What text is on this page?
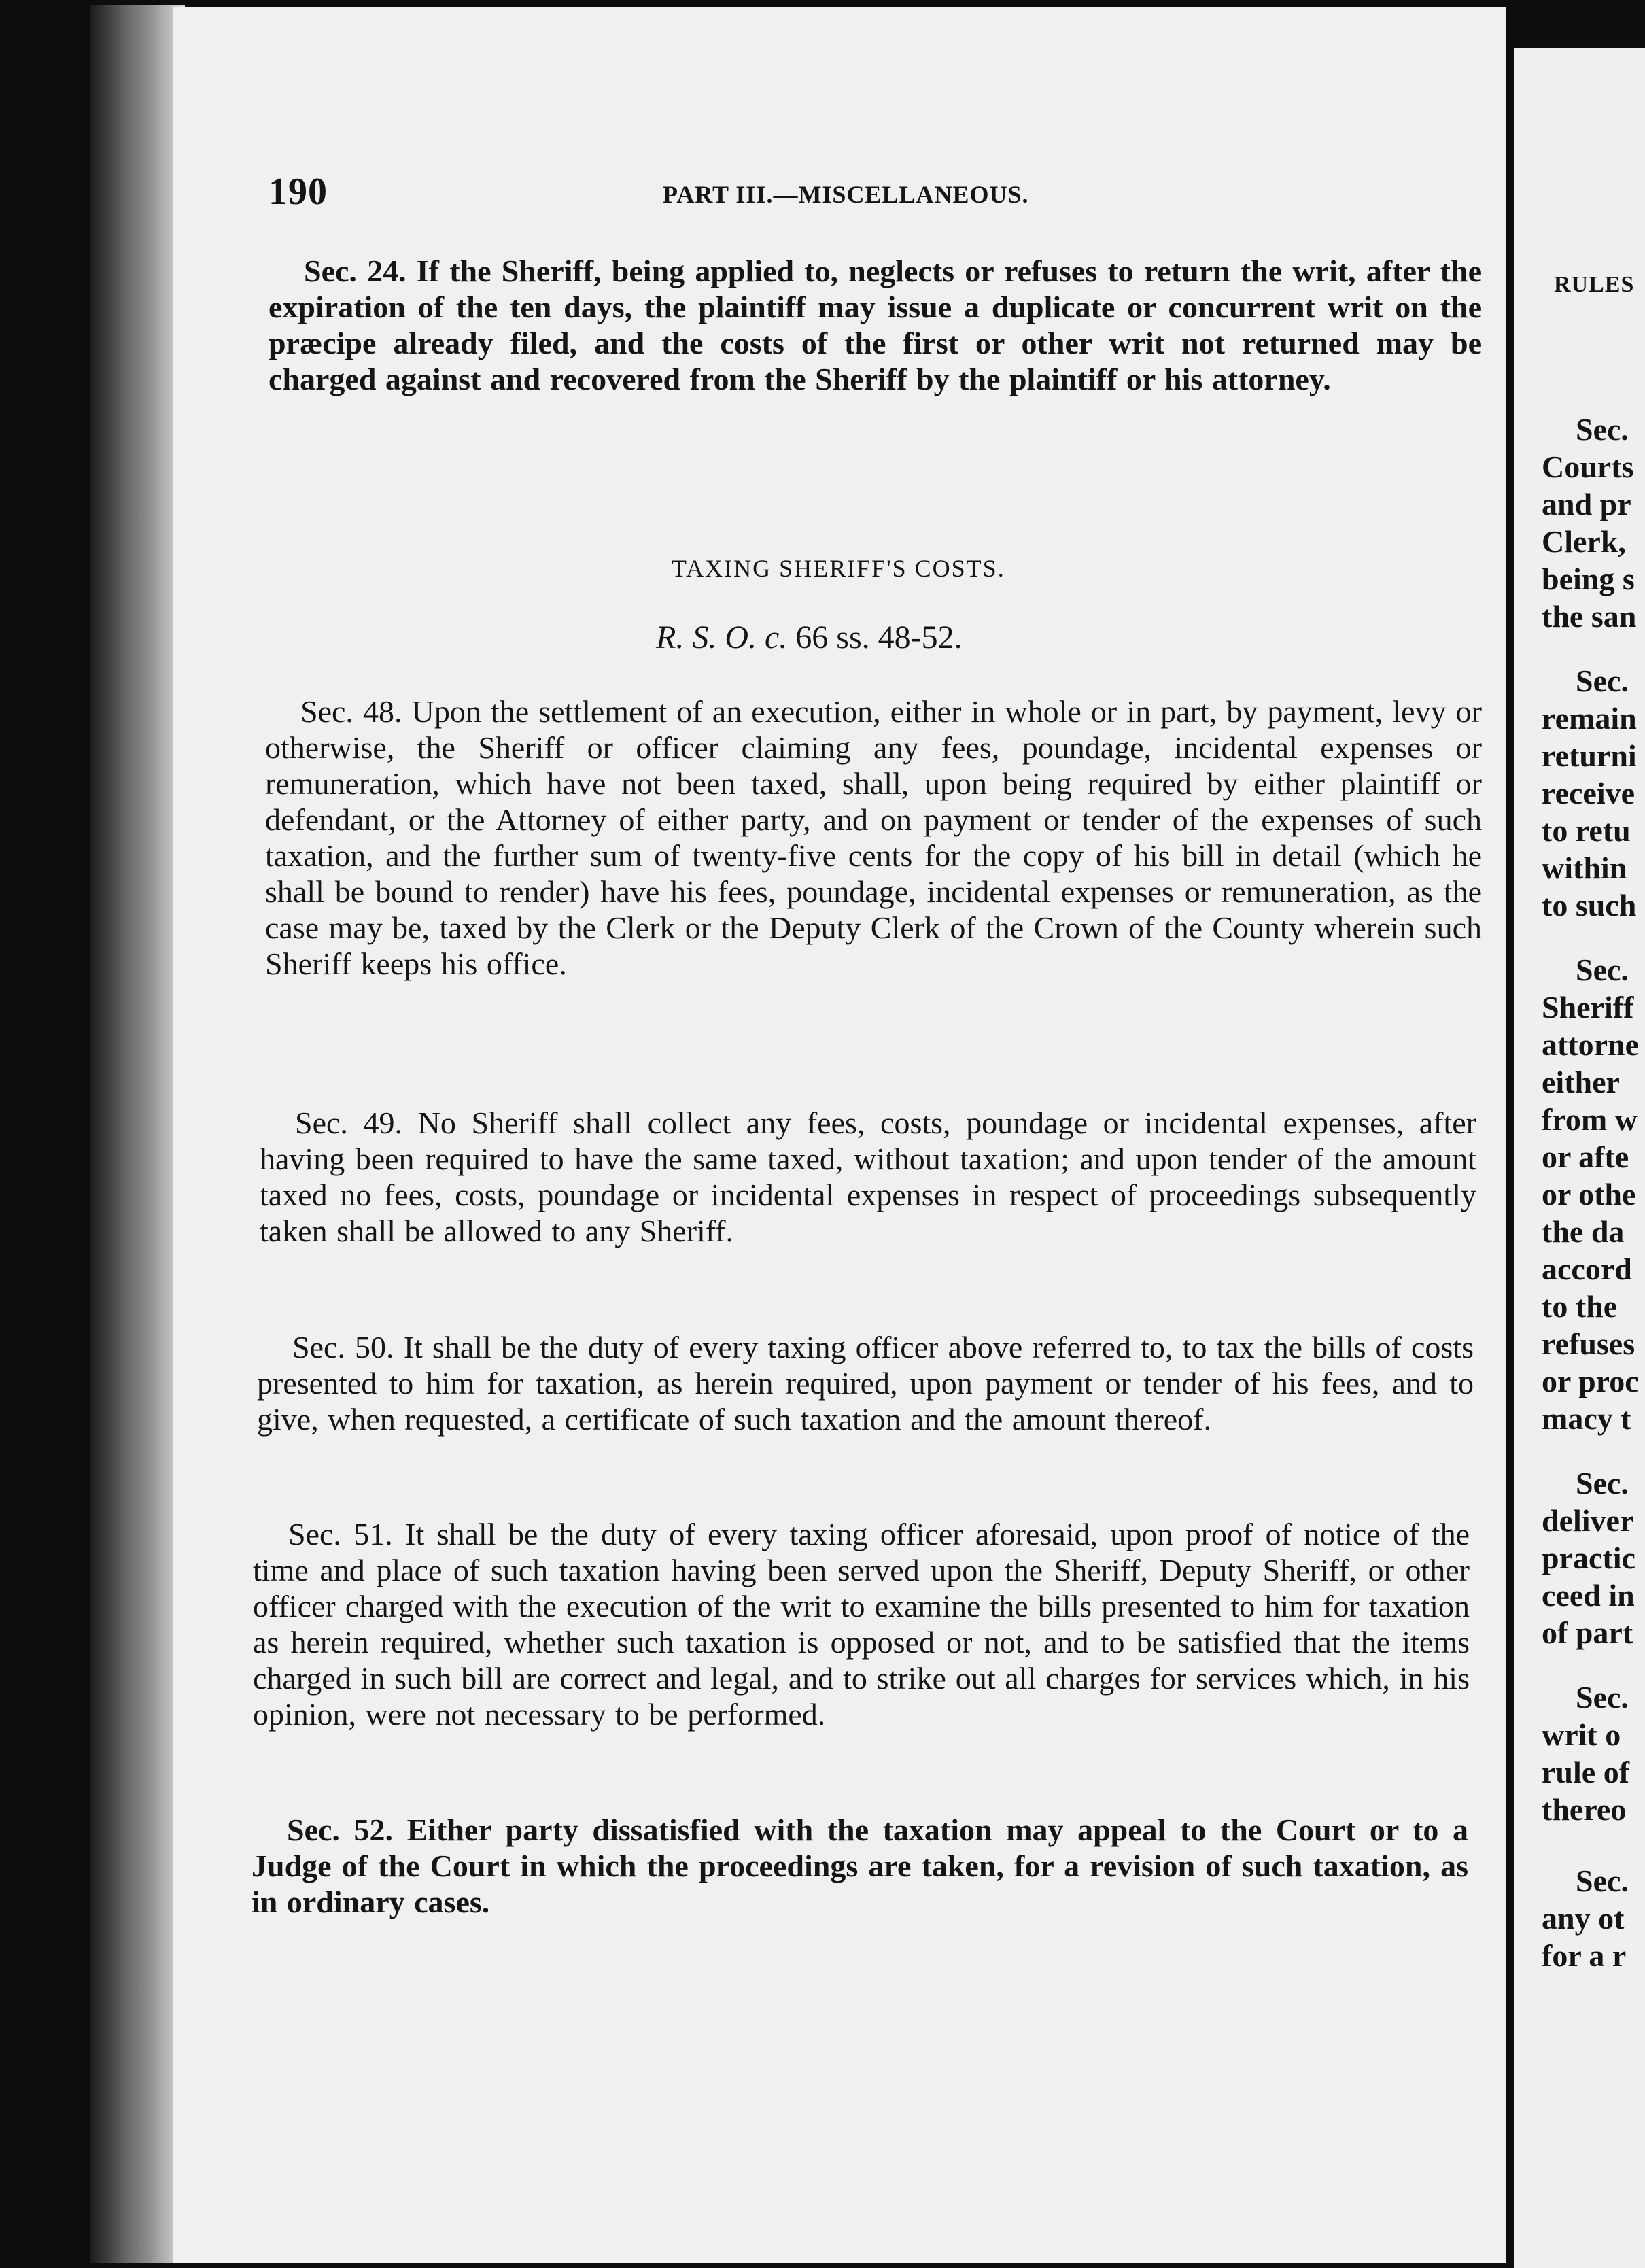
190	PART III.—MISCELLANEOUS.

Sec. 24. If the Sheriff, being applied to, neglects or refuses to return the writ, after the expiration of the ten days, the plaintiff may issue a duplicate or concurrent writ on the præcipe already filed, and the costs of the first or other writ not returned may be charged against and recovered from the Sheriff by the plaintiff or his attorney.

TAXING SHERIFF'S COSTS.

R. S. O. c. 66 ss. 48-52.

Sec. 48. Upon the settlement of an execution, either in whole or in part, by payment, levy or otherwise, the Sheriff or officer claiming any fees, poundage, incidental expenses or remuneration, which have not been taxed, shall, upon being required by either plaintiff or defendant, or the Attorney of either party, and on payment or tender of the expenses of such taxation, and the further sum of twenty-five cents for the copy of his bill in detail (which he shall be bound to render) have his fees, poundage, incidental expenses or remuneration, as the case may be, taxed by the Clerk or the Deputy Clerk of the Crown of the County wherein such Sheriff keeps his office.

Sec. 49. No Sheriff shall collect any fees, costs, poundage or incidental expenses, after having been required to have the same taxed, without taxation; and upon tender of the amount taxed no fees, costs, poundage or incidental expenses in respect of proceedings subsequently taken shall be allowed to any Sheriff.

Sec. 50. It shall be the duty of every taxing officer above referred to, to tax the bills of costs presented to him for taxation, as herein required, upon payment or tender of his fees, and to give, when requested, a certificate of such taxation and the amount thereof.

Sec. 51. It shall be the duty of every taxing officer aforesaid, upon proof of notice of the time and place of such taxation having been served upon the Sheriff, Deputy Sheriff, or other officer charged with the execution of the writ to examine the bills presented to him for taxation as herein required, whether such taxation is opposed or not, and to be satisfied that the items charged in such bill are correct and legal, and to strike out all charges for services which, in his opinion, were not necessary to be performed.

Sec. 52. Either party dissatisfied with the taxation may appeal to the Court or to a Judge of the Court in which the proceedings are taken, for a revision of such taxation, as in ordinary cases.

RULES

Sec.

Courts

and pr

Clerk,

being s

the san

Sec.

remain

returni

receive

to retu

within

to such

Sec.

Sheriff

attorne

either

from w

or afte

or othe

the da

accord

to the

refuses

or proc

macy t

Sec.

deliver

practic

ceed in

of part

Sec.

writ o

rule of

thereo

Sec.

any ot

for a r
